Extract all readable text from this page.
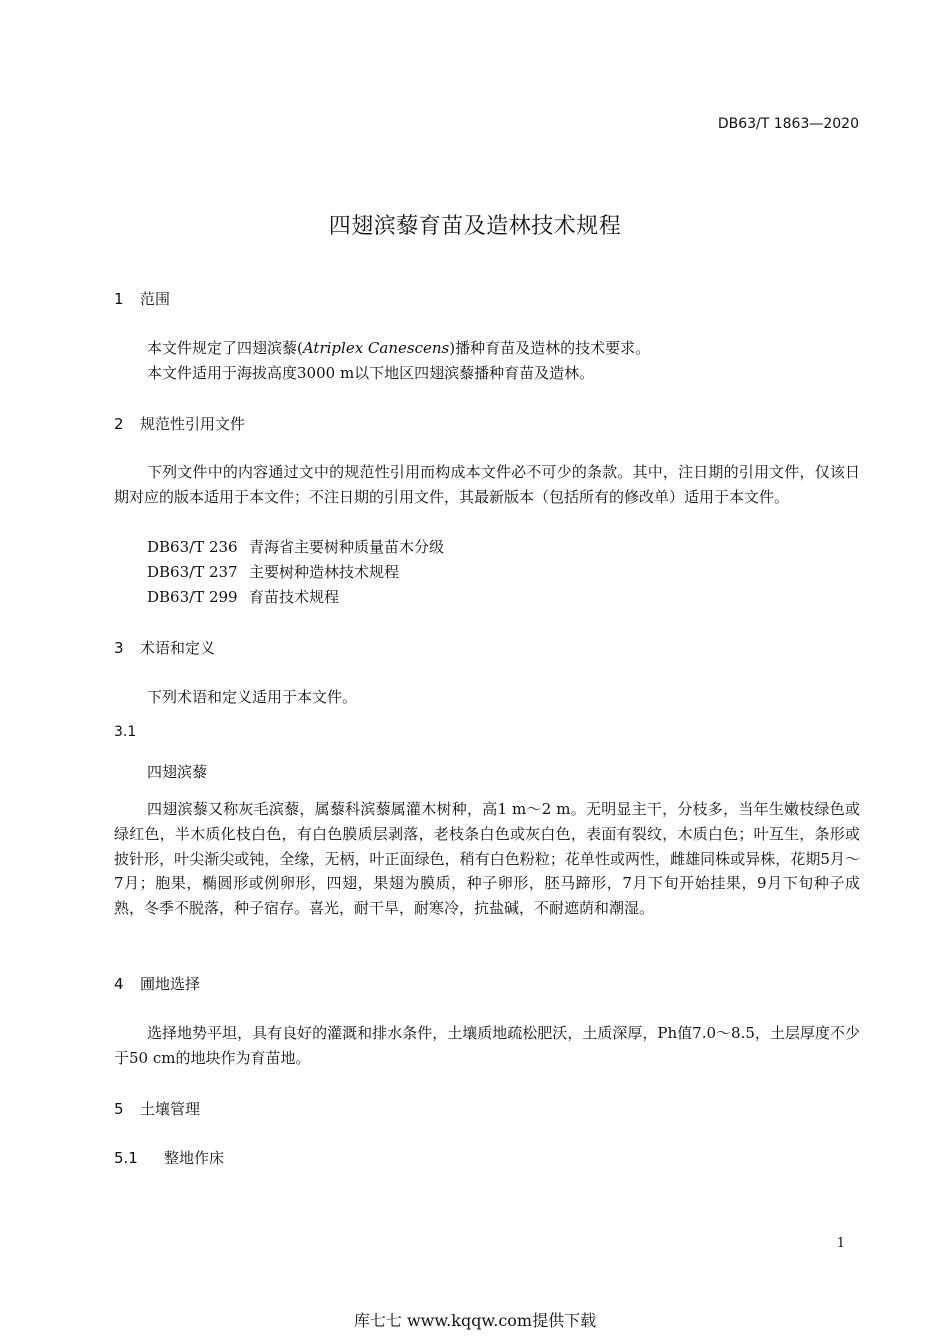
DB63/T 1863—2020
四翅滨藜育苗及造林技术规程
1 范围
本文件规定了四翅滨藜(Atriplex Canescens)播种育苗及造林的技术要求。
本文件适用于海拔高度3000 m以下地区四翅滨藜播种育苗及造林。
2 规范性引用文件
下列文件中的内容通过文中的规范性引用而构成本文件必不可少的条款。其中，注日期的引用文件，仅该日期对应的版本适用于本文件；不注日期的引用文件，其最新版本（包括所有的修改单）适用于本文件。
DB63/T 236 青海省主要树种质量苗木分级
DB63/T 237 主要树种造林技术规程
DB63/T 299 育苗技术规程
3 术语和定义
下列术语和定义适用于本文件。
3.1
四翅滨藜
四翅滨藜又称灰毛滨藜，属藜科滨藜属灌木树种，高1 m～2 m。无明显主干，分枝多，当年生嫩枝绿色或绿红色，半木质化枝白色，有白色膜质层剥落，老枝条白色或灰白色，表面有裂纹，木质白色；叶互生，条形或披针形，叶尖渐尖或钝，全缘，无柄，叶正面绿色，稍有白色粉粒；花单性或两性，雌雄同株或异株，花期5月～7月；胞果，椭圆形或例卵形，四翅，果翅为膜质，种子卵形，胚马蹄形，7月下旬开始挂果，9月下旬种子成熟，冬季不脱落，种子宿存。喜光，耐干旱，耐寒冷，抗盐碱，不耐遮荫和潮湿。
4 圃地选择
选择地势平坦，具有良好的灌溉和排水条件，土壤质地疏松肥沃，土质深厚，Ph值7.0～8.5，土层厚度不少于50 cm的地块作为育苗地。
5 土壤管理
5.1 整地作床
1
库七七 www.kqqw.com提供下载
